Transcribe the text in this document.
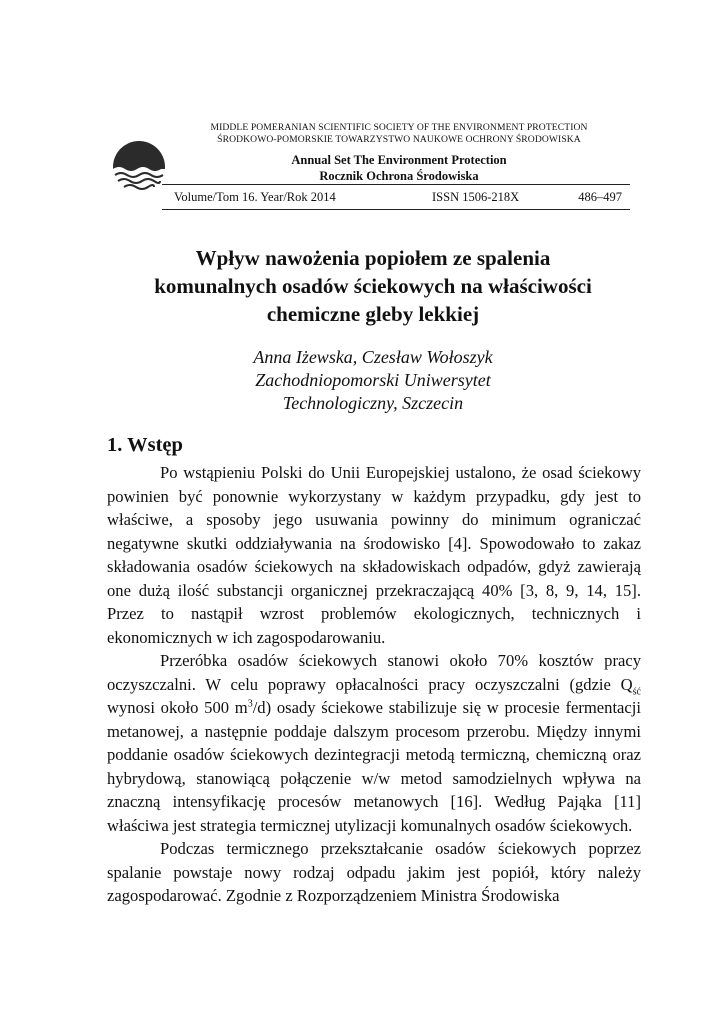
MIDDLE POMERANIAN SCIENTIFIC SOCIETY OF THE ENVIRONMENT PROTECTION
ŚRODKOWO-POMORSKIE TOWARZYSTWO NAUKOWE OCHRONY ŚRODOWISKA
Annual Set The Environment Protection
Rocznik Ochrona Środowiska
Volume/Tom 16. Year/Rok 2014	ISSN 1506-218X	486–497
Wpływ nawożenia popiołem ze spalenia
komunalnych osadów ściekowych na właściwości
chemiczne gleby lekkiej
Anna Iżewska, Czesław Wołoszyk
Zachodniopomorski Uniwersytet
Technologiczny, Szczecin
1. Wstęp

Po wstąpieniu Polski do Unii Europejskiej ustalono, że osad ściekowy powinien być ponownie wykorzystany w każdym przypadku, gdy jest to właściwe, a sposoby jego usuwania powinny do minimum ograniczać negatywne skutki oddziaływania na środowisko [4]. Spowodowało to zakaz składowania osadów ściekowych na składowiskach odpadów, gdyż zawierają one dużą ilość substancji organicznej przekraczającą 40% [3, 8, 9, 14, 15]. Przez to nastąpił wzrost problemów ekologicznych, technicznych i ekonomicznych w ich zagospodarowaniu.

Przeróbka osadów ściekowych stanowi około 70% kosztów pracy oczyszczalni. W celu poprawy opłacalności pracy oczyszczalni (gdzie $Q_{ść}$ wynosi około 500 $m^3/d$) osady ściekowe stabilizuje się w procesie fermentacji metanowej, a następnie poddaje dalszym procesom przerobu. Między innymi poddanie osadów ściekowych dezintegracji metodą termiczną, chemiczną oraz hybrydową, stanowiącą połączenie w/w metod samodzielnych wpływa na znaczną intensyfikację procesów metanowych [16]. Według Pająka [11] właściwa jest strategia termicznej utylizacji komunalnych osadów ściekowych.

Podczas termicznego przekształcanie osadów ściekowych poprzez spalanie powstaje nowy rodzaj odpadu jakim jest popiół, który należy zagospodarować. Zgodnie z Rozporządzeniem Ministra Środowiska
